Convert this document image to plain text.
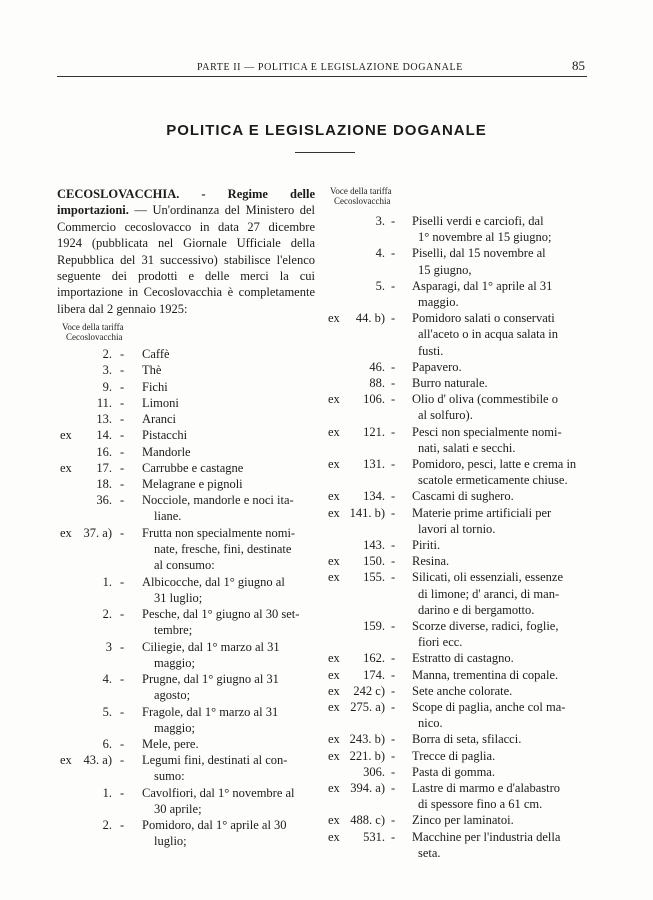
PARTE II — POLITICA E LEGISLAZIONE DOGANALE	85
POLITICA E LEGISLAZIONE DOGANALE
CECOSLOVACCHIA. - Regime delle importazioni. — Un'ordinanza del Ministero del Commercio cecoslovacco in data 27 dicembre 1924 (pubblicata nel Giornale Ufficiale della Repubblica del 31 successivo) stabilisce l'elenco seguente dei prodotti e delle merci la cui importazione in Cecoslovacchia è completamente libera dal 2 gennaio 1925:
Voce della tariffa
Cecoslovacchia
Voce della tariffa
Cecoslovacchia
2. - Caffè
3. - Thè
9. - Fichi
11. - Limoni
13. - Aranci
ex	14. - Pistacchi
16. - Mandorle
ex	17. - Carrubbe e castagne
18. - Melagrane e pignoli
36. - Nocciole, mandorle e noci ita-
liane.
ex 37. a) - Frutta non specialmente nomi-
nate, fresche, fini, destinate
al consumo:
1. - Albicocche, dal 1° giugno al
31 luglio;
2. - Pesche, dal 1° giugno al 30 set-
tembre;
3 - Ciliegie, dal 1° marzo al 31
maggio;
4. - Prugne, dal 1° giugno al 31
agosto;
5. - Fragole, dal 1° marzo al 31
maggio;
6. - Mele, pere.
ex 43. a) - Legumi fini, destinati al con-
sumo:
1. - Cavolfiori, dal 1° novembre al
30 aprile;
2. - Pomidoro, dal 1° aprile al 30
luglio;
3. - Piselli verdi e carciofi, dal
1° novembre al 15 giugno;
4. - Piselli, dal 15 novembre al
15 giugno,
5. - Asparagi, dal 1° aprile al 31
maggio.
ex	44. b) - Pomidoro salati o conservati
all'aceto o in acqua salata in
fusti.
46. - Papavero.
88. - Burro naturale.
ex	106. - Olio d' oliva (commestibile o
al solfuro).
ex	121. - Pesci non specialmente nomi-
nati, salati e secchi.
ex	131. - Pomidoro, pesci, latte e crema in
scatole ermeticamente chiuse.
ex	134. - Cascami di sughero.
ex 141. b) - Materie prime artificiali per
lavori al tornio.
143. - Piriti.
ex	150. - Resina.
ex	155. - Silicati, oli essenziali, essenze
di limone; d' aranci, di man-
darino e di bergamotto.
159. - Scorze diverse, radici, foglie,
fiori ecc.
ex	162. - Estratto di castagno.
ex	174. - Manna, trementina di copale.
ex	242 c) - Sete anche colorate.
ex 275. a) - Scope di paglia, anche col ma-
nico.
ex 243. b) - Borra di seta, sfilacci.
ex 221. b) - Trecce di paglia.
306. - Pasta di gomma.
ex 394. a) - Lastre di marmo e d'alabastro
di spessore fino a 61 cm.
ex 488. c) - Zinco per laminatoi.
ex	531. - Macchine per l'industria della
seta.
